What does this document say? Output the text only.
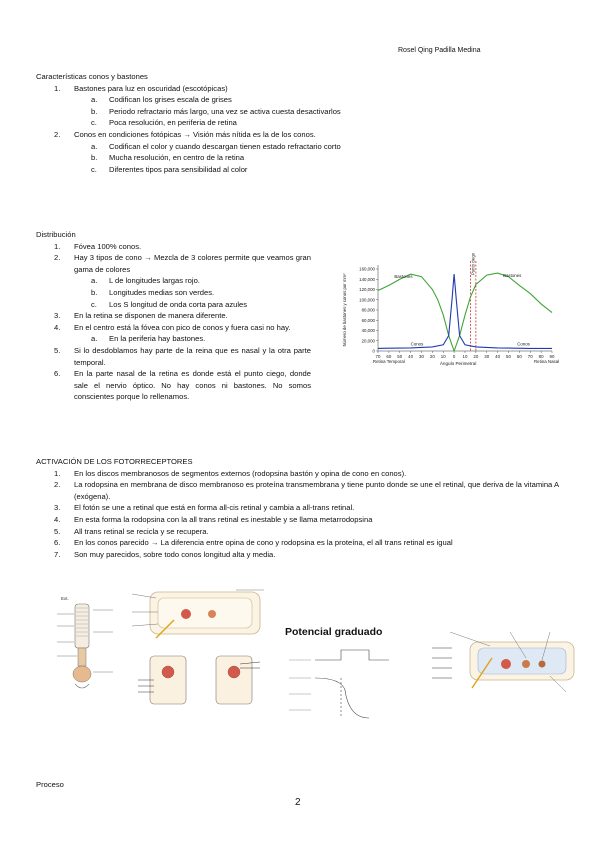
Rosel Qing Padilla Medina

Características conos y bastones

1. Bastones para luz en oscuridad (escotópicas)
a. Codifican los grises escala de grises
b. Periodo refractario más largo, una vez se activa cuesta desactivarlos
c. Poca resolución, en periferia de retina
2. Conos en condiciones fotópicas → Visión más nítida es la de los conos.
a. Codifican el color y cuando descargan tienen estado refractario corto
b. Mucha resolución, en centro de la retina
c. Diferentes tipos para sensibilidad al color

Distribución

1. Fóvea 100% conos.
2. Hay 3 tipos de cono → Mezcla de 3 colores permite que veamos gran gama de colores
a. L de longitudes largas rojo.
b. Longitudes medias son verdes.
c. Los S longitud de onda corta para azules
3. En la retina se disponen de manera diferente.
4. En el centro está la fóvea con pico de conos y fuera casi no hay.
a. En la periferia hay bastones.
5. Si lo desdoblamos hay parte de la reina que es nasal y la otra parte temporal.
6. En la parte nasal de la retina es donde está el punto ciego, donde sale el nervio óptico. No hay conos ni bastones. No somos conscientes porque lo rellenamos.
160,000
140,000
120,000
100,000
80,000
60,000
40,000
20,000
0
70 60 50 40 30 20 10 0 10 20 30 40 50 60 70 80 90
Número de bastones y conos por mm²
Ángulo Perimetral
Retina Temporal	Retina Nasal
Punto ciego
Bastones	Bastones
Conos	Conos

ACTIVACIÓN DE LOS FOTORRECEPTORES

1. En los discos membranosos de segmentos externos (rodopsina bastón y opina de cono en conos).
2. La rodopsina en membrana de disco membranoso es proteína transmembrana y tiene punto donde se une el retinal, que deriva de la vitamina A (exógena).
3. El fotón se une a retinal que está en forma all-cis retinal y cambia a all-trans retinal.
4. En esta forma la rodopsina con la all trans retinal es inestable y se llama metarrodopsina
5. All trans retinal se recicla y se recupera.
6. En los conos parecido → La diferencia entre opina de cono y rodopsina es la proteína, el all trans retinal es igual
7. Son muy parecidos, sobre todo conos longitud alta y media.
Ext.
Potencial graduado
Proceso
2
